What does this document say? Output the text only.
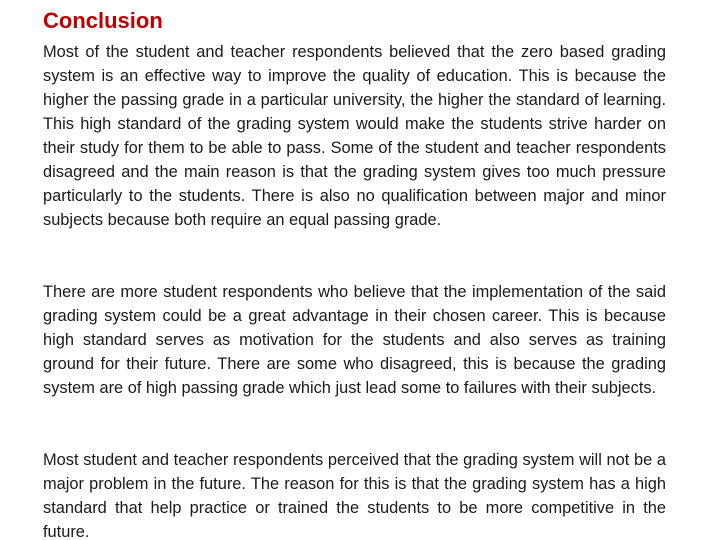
Conclusion

Most of the student and teacher respondents believed that the zero based grading system is an effective way to improve the quality of education. This is because the higher the passing grade in a particular university, the higher the standard of learning. This high standard of the grading system would make the students strive harder on their study for them to be able to pass. Some of the student and teacher respondents disagreed and the main reason is that the grading system gives too much pressure particularly to the students. There is also no qualification between major and minor subjects because both require an equal passing grade.

There are more student respondents who believe that the implementation of the said grading system could be a great advantage in their chosen career. This is because high standard serves as motivation for the students and also serves as training ground for their future. There are some who disagreed, this is because the grading system are of high passing grade which just lead some to failures with their subjects.

Most student and teacher respondents perceived that the grading system will not be a major problem in the future. The reason for this is that the grading system has a high standard that help practice or trained the students to be more competitive in the future.
